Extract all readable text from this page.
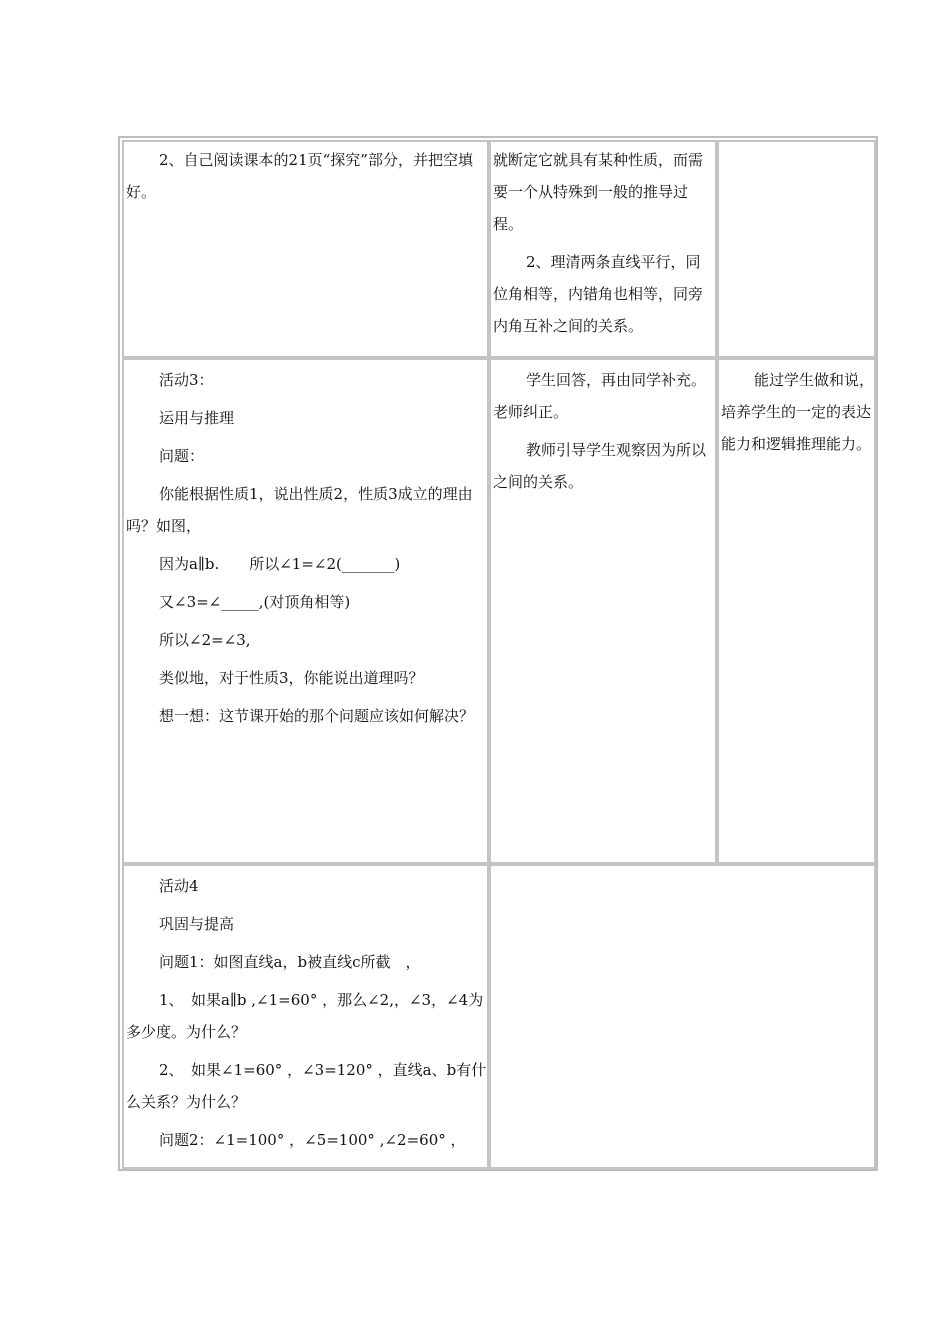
2、自己阅读课本的21页“探究”部分，并把空填好。

就断定它就具有某种性质，而需要一个从特殊到一般的推导过程。

2、理清两条直线平行，同位角相等，内错角也相等，同旁内角互补之间的关系。

活动3：

运用与推理

问题：

你能根据性质1，说出性质2，性质3成立的理由吗？如图，

因为a∥b.　　所以∠1=∠2(_______)

又∠3=∠_____,(对顶角相等)

所以∠2=∠3,

类似地，对于性质3，你能说出道理吗？

想一想：这节课开始的那个问题应该如何解决？

学生回答，再由同学补充。老师纠正。

教师引导学生观察因为所以之间的关系。

能过学生做和说，培养学生的一定的表达能力和逻辑推理能力。

活动4

巩固与提高

问题1：如图直线a，b被直线c所截　，

1、　如果a∥b ,∠1=60° ，那么∠2,，∠3，∠4为多少度。为什么？

2、　如果∠1=60° ，∠3=120° ，直线a、b有什么关系？为什么？

问题2：∠1=100° ，∠5=100° ,∠2=60° ，
